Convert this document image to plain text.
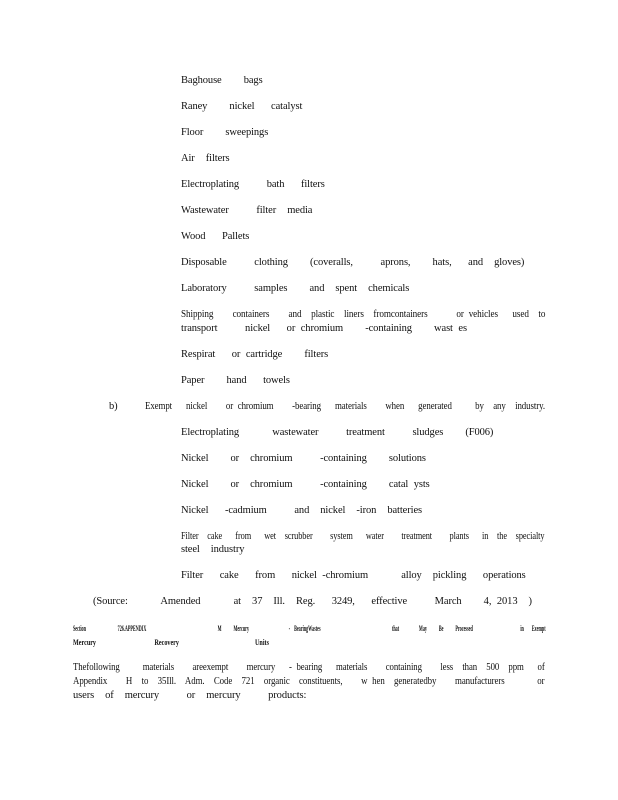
Baghouse    bags
Raney    nickel   catalyst
Floor    sweepings
Air  filters
Electroplating     bath   filters
Wastewater     filter  media
Wood   Pallets
Disposable     clothing    (coveralls,     aprons,    hats,   and  gloves)
Laboratory     samples    and  spent  chemicals
Shipping    containers    and  plastic  liners  fromcontainers      or vehicles   used  to
transport     nickel   or chromium    -containing    wast es
Respirat   or cartridge    filters
Paper    hand   towels
b)	Exempt   nickel    or chromium    -bearing   materials    when   generated     by  any  industry.
Electroplating      wastewater     treatment     sludges    (F006)
Nickel    or  chromium     -containing    solutions
Nickel    or  chromium     -containing    catal ysts
Nickel   -cadmium     and  nickel  -iron  batteries
Filter  cake   from   wet  scrubber    system   water    treatment    plants   in  the  specialty
steel  industry
Filter   cake   from   nickel -chromium      alloy  pickling   operations
(Source:      Amended      at  37  Ill.  Reg.   3249,   effective     March    4, 2013  )
Section        726.APPENDIX                  M   Mercury          - BearingWastes                  that     May   Be   Processed            in  Exempt
Mercury          Recovery             Units
Thefollowing     materials    areexempt    mercury   - bearing   materials    containing    less  than  500  ppm   of
Appendix    H  to  35Ill.  Adm.  Code  721  organic  constituents,    w hen  generatedby    manufacturers       or
users  of  mercury     or  mercury     products:
